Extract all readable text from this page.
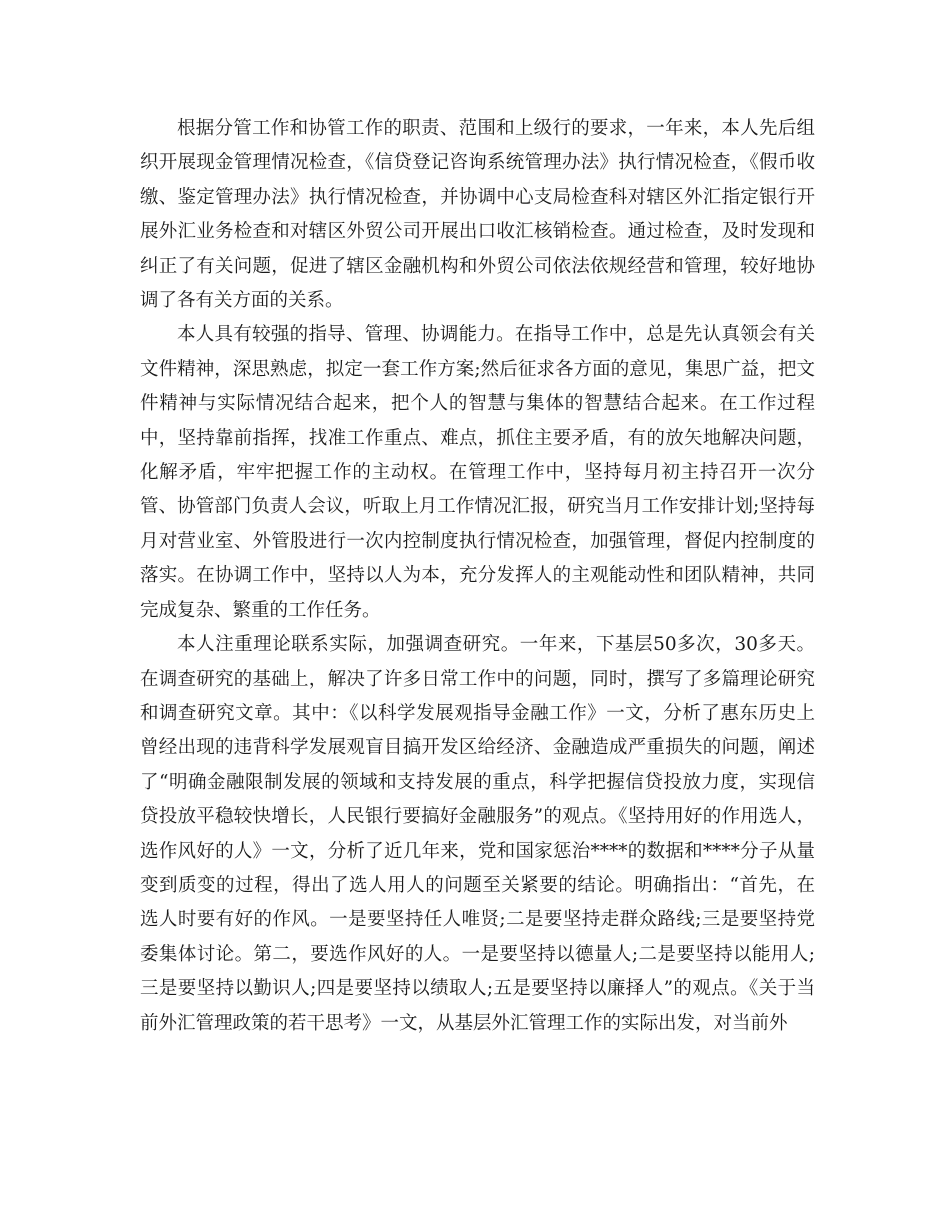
根据分管工作和协管工作的职责、范围和上级行的要求，一年来，本人先后组织开展现金管理情况检查，《信贷登记咨询系统管理办法》执行情况检查，《假币收缴、鉴定管理办法》执行情况检查，并协调中心支局检查科对辖区外汇指定银行开展外汇业务检查和对辖区外贸公司开展出口收汇核销检查。通过检查，及时发现和纠正了有关问题，促进了辖区金融机构和外贸公司依法依规经营和管理，较好地协调了各有关方面的关系。

本人具有较强的指导、管理、协调能力。在指导工作中，总是先认真领会有关文件精神，深思熟虑，拟定一套工作方案;然后征求各方面的意见，集思广益，把文件精神与实际情况结合起来，把个人的智慧与集体的智慧结合起来。在工作过程中，坚持靠前指挥，找准工作重点、难点，抓住主要矛盾，有的放矢地解决问题，化解矛盾，牢牢把握工作的主动权。在管理工作中，坚持每月初主持召开一次分管、协管部门负责人会议，听取上月工作情况汇报，研究当月工作安排计划;坚持每月对营业室、外管股进行一次内控制度执行情况检查，加强管理，督促内控制度的落实。在协调工作中，坚持以人为本，充分发挥人的主观能动性和团队精神，共同完成复杂、繁重的工作任务。

本人注重理论联系实际，加强调查研究。一年来，下基层50多次，30多天。在调查研究的基础上，解决了许多日常工作中的问题，同时，撰写了多篇理论研究和调查研究文章。其中：《以科学发展观指导金融工作》一文，分析了惠东历史上曾经出现的违背科学发展观盲目搞开发区给经济、金融造成严重损失的问题，阐述了“明确金融限制发展的领域和支持发展的重点，科学把握信贷投放力度，实现信贷投放平稳较快增长，人民银行要搞好金融服务”的观点。《坚持用好的作用选人，选作风好的人》一文，分析了近几年来，党和国家惩治****的数据和****分子从量变到质变的过程，得出了选人用人的问题至关紧要的结论。明确指出：“首先，在选人时要有好的作风。一是要坚持任人唯贤;二是要坚持走群众路线;三是要坚持党委集体讨论。第二，要选作风好的人。一是要坚持以德量人;二是要坚持以能用人;三是要坚持以勤识人;四是要坚持以绩取人;五是要坚持以廉择人”的观点。《关于当前外汇管理政策的若干思考》一文，从基层外汇管理工作的实际出发，对当前外
